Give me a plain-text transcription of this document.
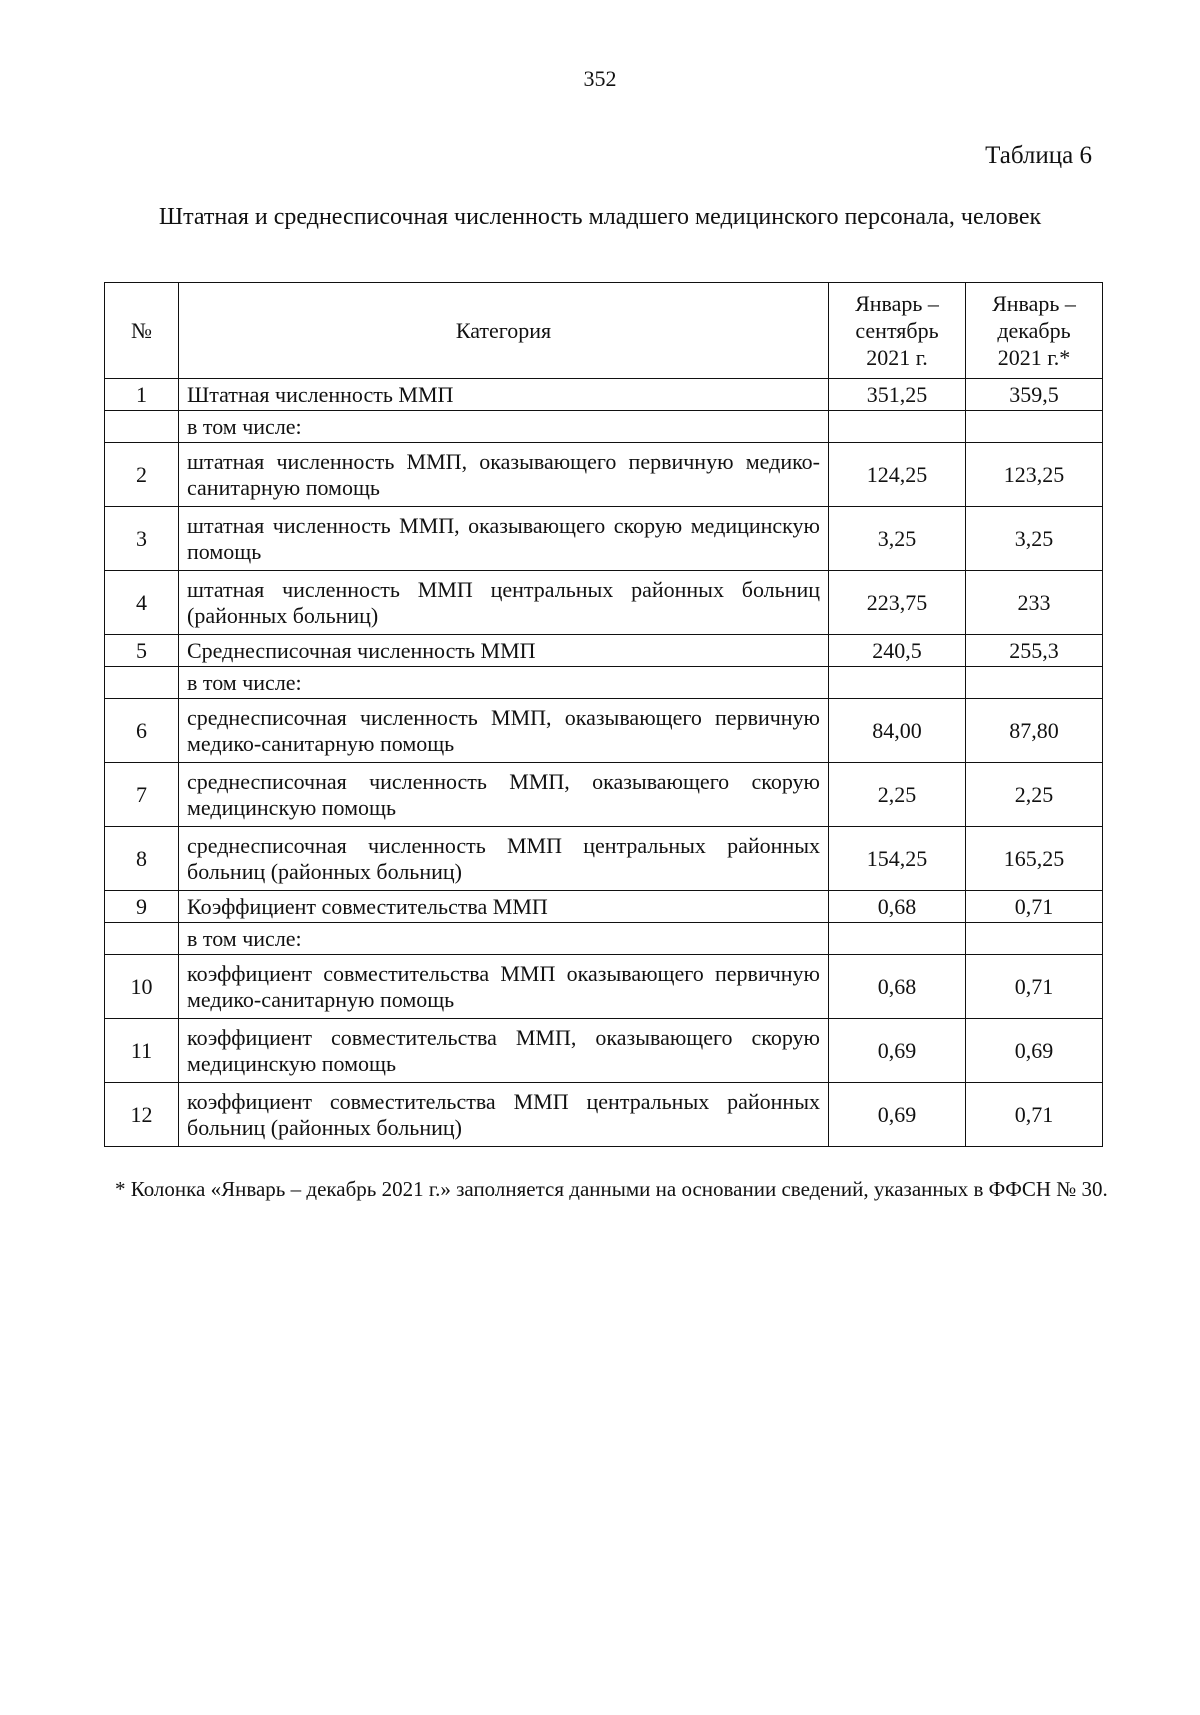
352
Таблица 6
Штатная и среднесписочная численность младшего медицинского персонала, человек
№	Категория	Январь – сентябрь 2021 г.	Январь – декабрь 2021 г.*
1	Штатная численность ММП	351,25	359,5
	в том числе:		
2	штатная численность ММП, оказывающего первичную медико-санитарную помощь	124,25	123,25
3	штатная численность ММП, оказывающего скорую медицинскую помощь	3,25	3,25
4	штатная численность ММП центральных районных больниц (районных больниц)	223,75	233
5	Среднесписочная численность ММП	240,5	255,3
	в том числе:		
6	среднесписочная численность ММП, оказывающего первичную медико-санитарную помощь	84,00	87,80
7	среднесписочная численность ММП, оказывающего скорую медицинскую помощь	2,25	2,25
8	среднесписочная численность ММП центральных районных больниц (районных больниц)	154,25	165,25
9	Коэффициент совместительства ММП	0,68	0,71
	в том числе:		
10	коэффициент совместительства ММП оказывающего первичную медико-санитарную помощь	0,68	0,71
11	коэффициент совместительства ММП, оказывающего скорую медицинскую помощь	0,69	0,69
12	коэффициент совместительства ММП центральных районных больниц (районных больниц)	0,69	0,71
* Колонка «Январь – декабрь 2021 г.» заполняется данными на основании сведений, указанных в ФФСН № 30.
